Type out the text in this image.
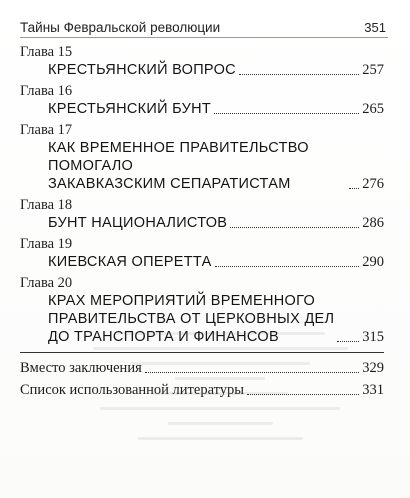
Тайны Февральской революции	351
Глава 15
КРЕСТЬЯНСКИЙ ВОПРОС	257
Глава 16
КРЕСТЬЯНСКИЙ БУНТ	265
Глава 17
КАК ВРЕМЕННОЕ ПРАВИТЕЛЬСТВО ПОМОГАЛО
ЗАКАВКАЗСКИМ СЕПАРАТИСТАМ	276
Глава 18
БУНТ НАЦИОНАЛИСТОВ	286
Глава 19
КИЕВСКАЯ ОПЕРЕТТА	290
Глава 20
КРАХ МЕРОПРИЯТИЙ ВРЕМЕННОГО
ПРАВИТЕЛЬСТВА ОТ ЦЕРКОВНЫХ ДЕЛ
ДО ТРАНСПОРТА И ФИНАНСОВ	315
Вместо заключения	329
Список использованной литературы	331
